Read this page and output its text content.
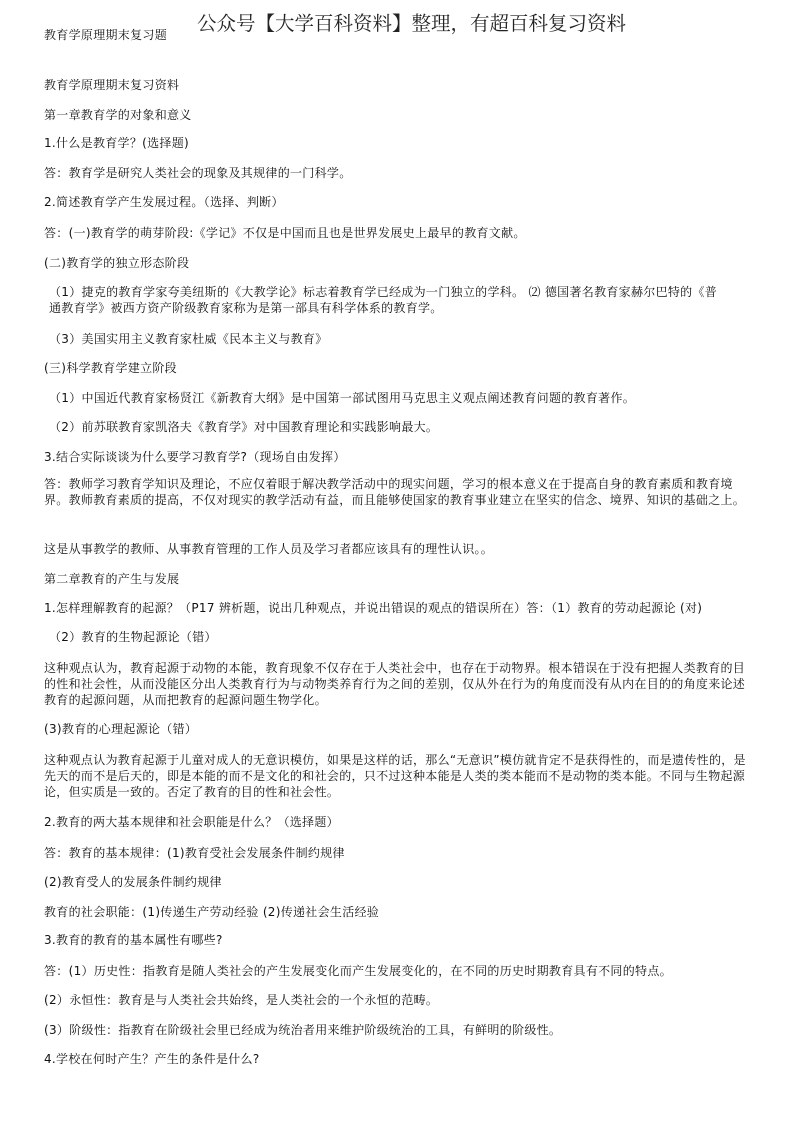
公众号【大学百科资料】整理，有超百科复习资料
教育学原理期末复习题
教育学原理期末复习资料
第一章教育学的对象和意义
1.什么是教育学？(选择题)
答：教育学是研究人类社会的现象及其规律的一门科学。
2.简述教育学产生发展过程。（选择、判断）
答：(一)教育学的萌芽阶段:《学记》不仅是中国而且也是世界发展史上最早的教育文献。
(二)教育学的独立形态阶段
（1）捷克的教育学家夸美纽斯的《大教学论》标志着教育学已经成为一门独立的学科。 ⑵ 德国著名教育家赫尔巴特的《普通教育学》被西方资产阶级教育家称为是第一部具有科学体系的教育学。
（3）美国实用主义教育家杜威《民本主义与教育》
(三)科学教育学建立阶段
（1）中国近代教育家杨贤江《新教育大纲》是中国第一部试图用马克思主义观点阐述教育问题的教育著作。
（2）前苏联教育家凯洛夫《教育学》对中国教育理论和实践影响最大。
3.结合实际谈谈为什么要学习教育学?（现场自由发挥）
答：教师学习教育学知识及理论，不应仅着眼于解决教学活动中的现实问题，学习的根本意义在于提高自身的教育素质和教育境界。教师教育素质的提高，不仅对现实的教学活动有益，而且能够使国家的教育事业建立在坚实的信念、境界、知识的基础之上。
这是从事教学的教师、从事教育管理的工作人员及学习者都应该具有的理性认识。。
第二章教育的产生与发展
1.怎样理解教育的起源？（P17 辨析题，说出几种观点，并说出错误的观点的错误所在）答：（1）教育的劳动起源论 (对)
（2）教育的生物起源论（错）
这种观点认为，教育起源于动物的本能，教育现象不仅存在于人类社会中，也存在于动物界。根本错误在于没有把握人类教育的目的性和社会性，从而没能区分出人类教育行为与动物类养育行为之间的差别，仅从外在行为的角度而没有从内在目的的角度来论述教育的起源问题，从而把教育的起源问题生物学化。
(3)教育的心理起源论（错）
这种观点认为教育起源于儿童对成人的无意识模仿，如果是这样的话，那么“无意识”模仿就肯定不是获得性的，而是遗传性的，是先天的而不是后天的，即是本能的而不是文化的和社会的，只不过这种本能是人类的类本能而不是动物的类本能。不同与生物起源论，但实质是一致的。否定了教育的目的性和社会性。
2.教育的两大基本规律和社会职能是什么？（选择题）
答：教育的基本规律：(1)教育受社会发展条件制约规律
(2)教育受人的发展条件制约规律
教育的社会职能：(1)传递生产劳动经验 (2)传递社会生活经验
3.教育的教育的基本属性有哪些?
答：(1）历史性：指教育是随人类社会的产生发展变化而产生发展变化的，在不同的历史时期教育具有不同的特点。
(2）永恒性：教育是与人类社会共始终，是人类社会的一个永恒的范畴。
(3）阶级性：指教育在阶级社会里已经成为统治者用来维护阶级统治的工具，有鲜明的阶级性。
4.学校在何时产生？产生的条件是什么?
